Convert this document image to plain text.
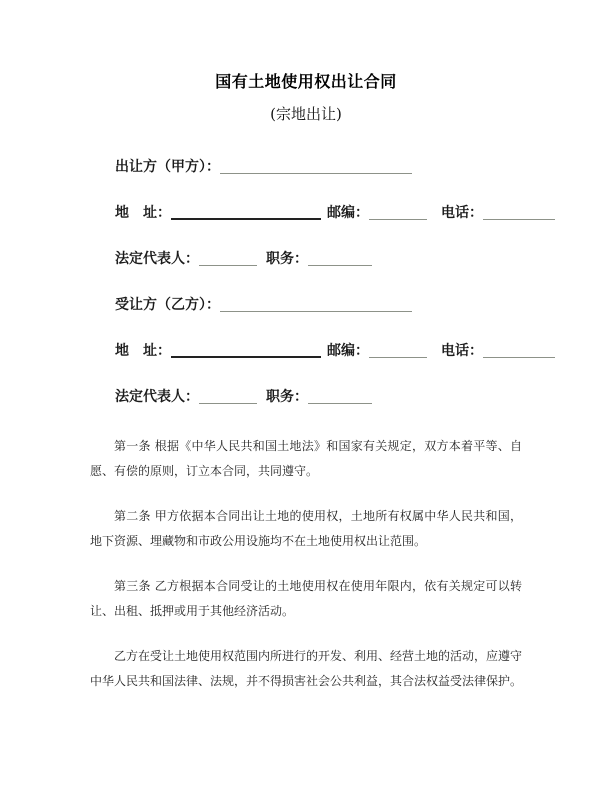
国有土地使用权出让合同
(宗地出让)
出让方（甲方）：
地　址：	邮编：	电话：
法定代表人：	职务：
受让方（乙方）：
地　址：	邮编：	电话：
法定代表人：	职务：

第一条 根据《中华人民共和国土地法》和国家有关规定，双方本着平等、自愿、有偿的原则，订立本合同，共同遵守。

第二条 甲方依据本合同出让土地的使用权，土地所有权属中华人民共和国，地下资源、埋藏物和市政公用设施均不在土地使用权出让范围。

第三条 乙方根据本合同受让的土地使用权在使用年限内，依有关规定可以转让、出租、抵押或用于其他经济活动。

乙方在受让土地使用权范围内所进行的开发、利用、经营土地的活动，应遵守中华人民共和国法律、法规，并不得损害社会公共利益，其合法权益受法律保护。
